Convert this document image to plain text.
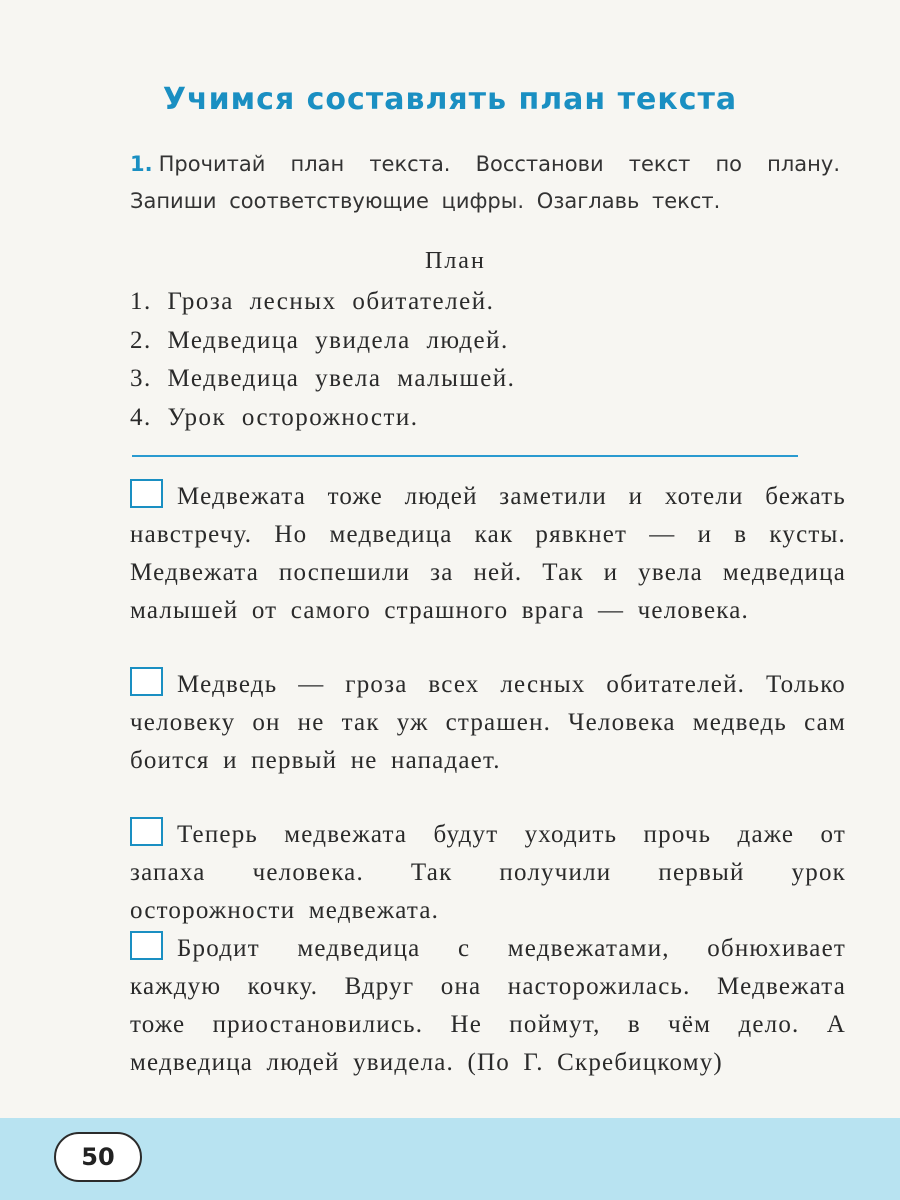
Учимся составлять план текста
1. Прочитай план текста. Восстанови текст по плану. Запиши соответствующие цифры. Озаглавь текст.
План
1. Гроза лесных обитателей.
2. Медведица увидела людей.
3. Медведица увела малышей.
4. Урок осторожности.
Медвежата тоже людей заметили и хотели бежать навстречу. Но медведица как рявкнет — и в кусты. Медвежата поспешили за ней. Так и увела медведица малышей от самого страшного врага — человека.
Медведь — гроза всех лесных обитателей. Только человеку он не так уж страшен. Человека медведь сам боится и первый не нападает.
Теперь медвежата будут уходить прочь даже от запаха человека. Так получили первый урок осторожности медвежата.
Бродит медведица с медвежатами, обнюхивает каждую кочку. Вдруг она насторожилась. Медвежата тоже приостановились. Не поймут, в чём дело. А медведица людей увидела. (По Г. Скребицкому)
50
